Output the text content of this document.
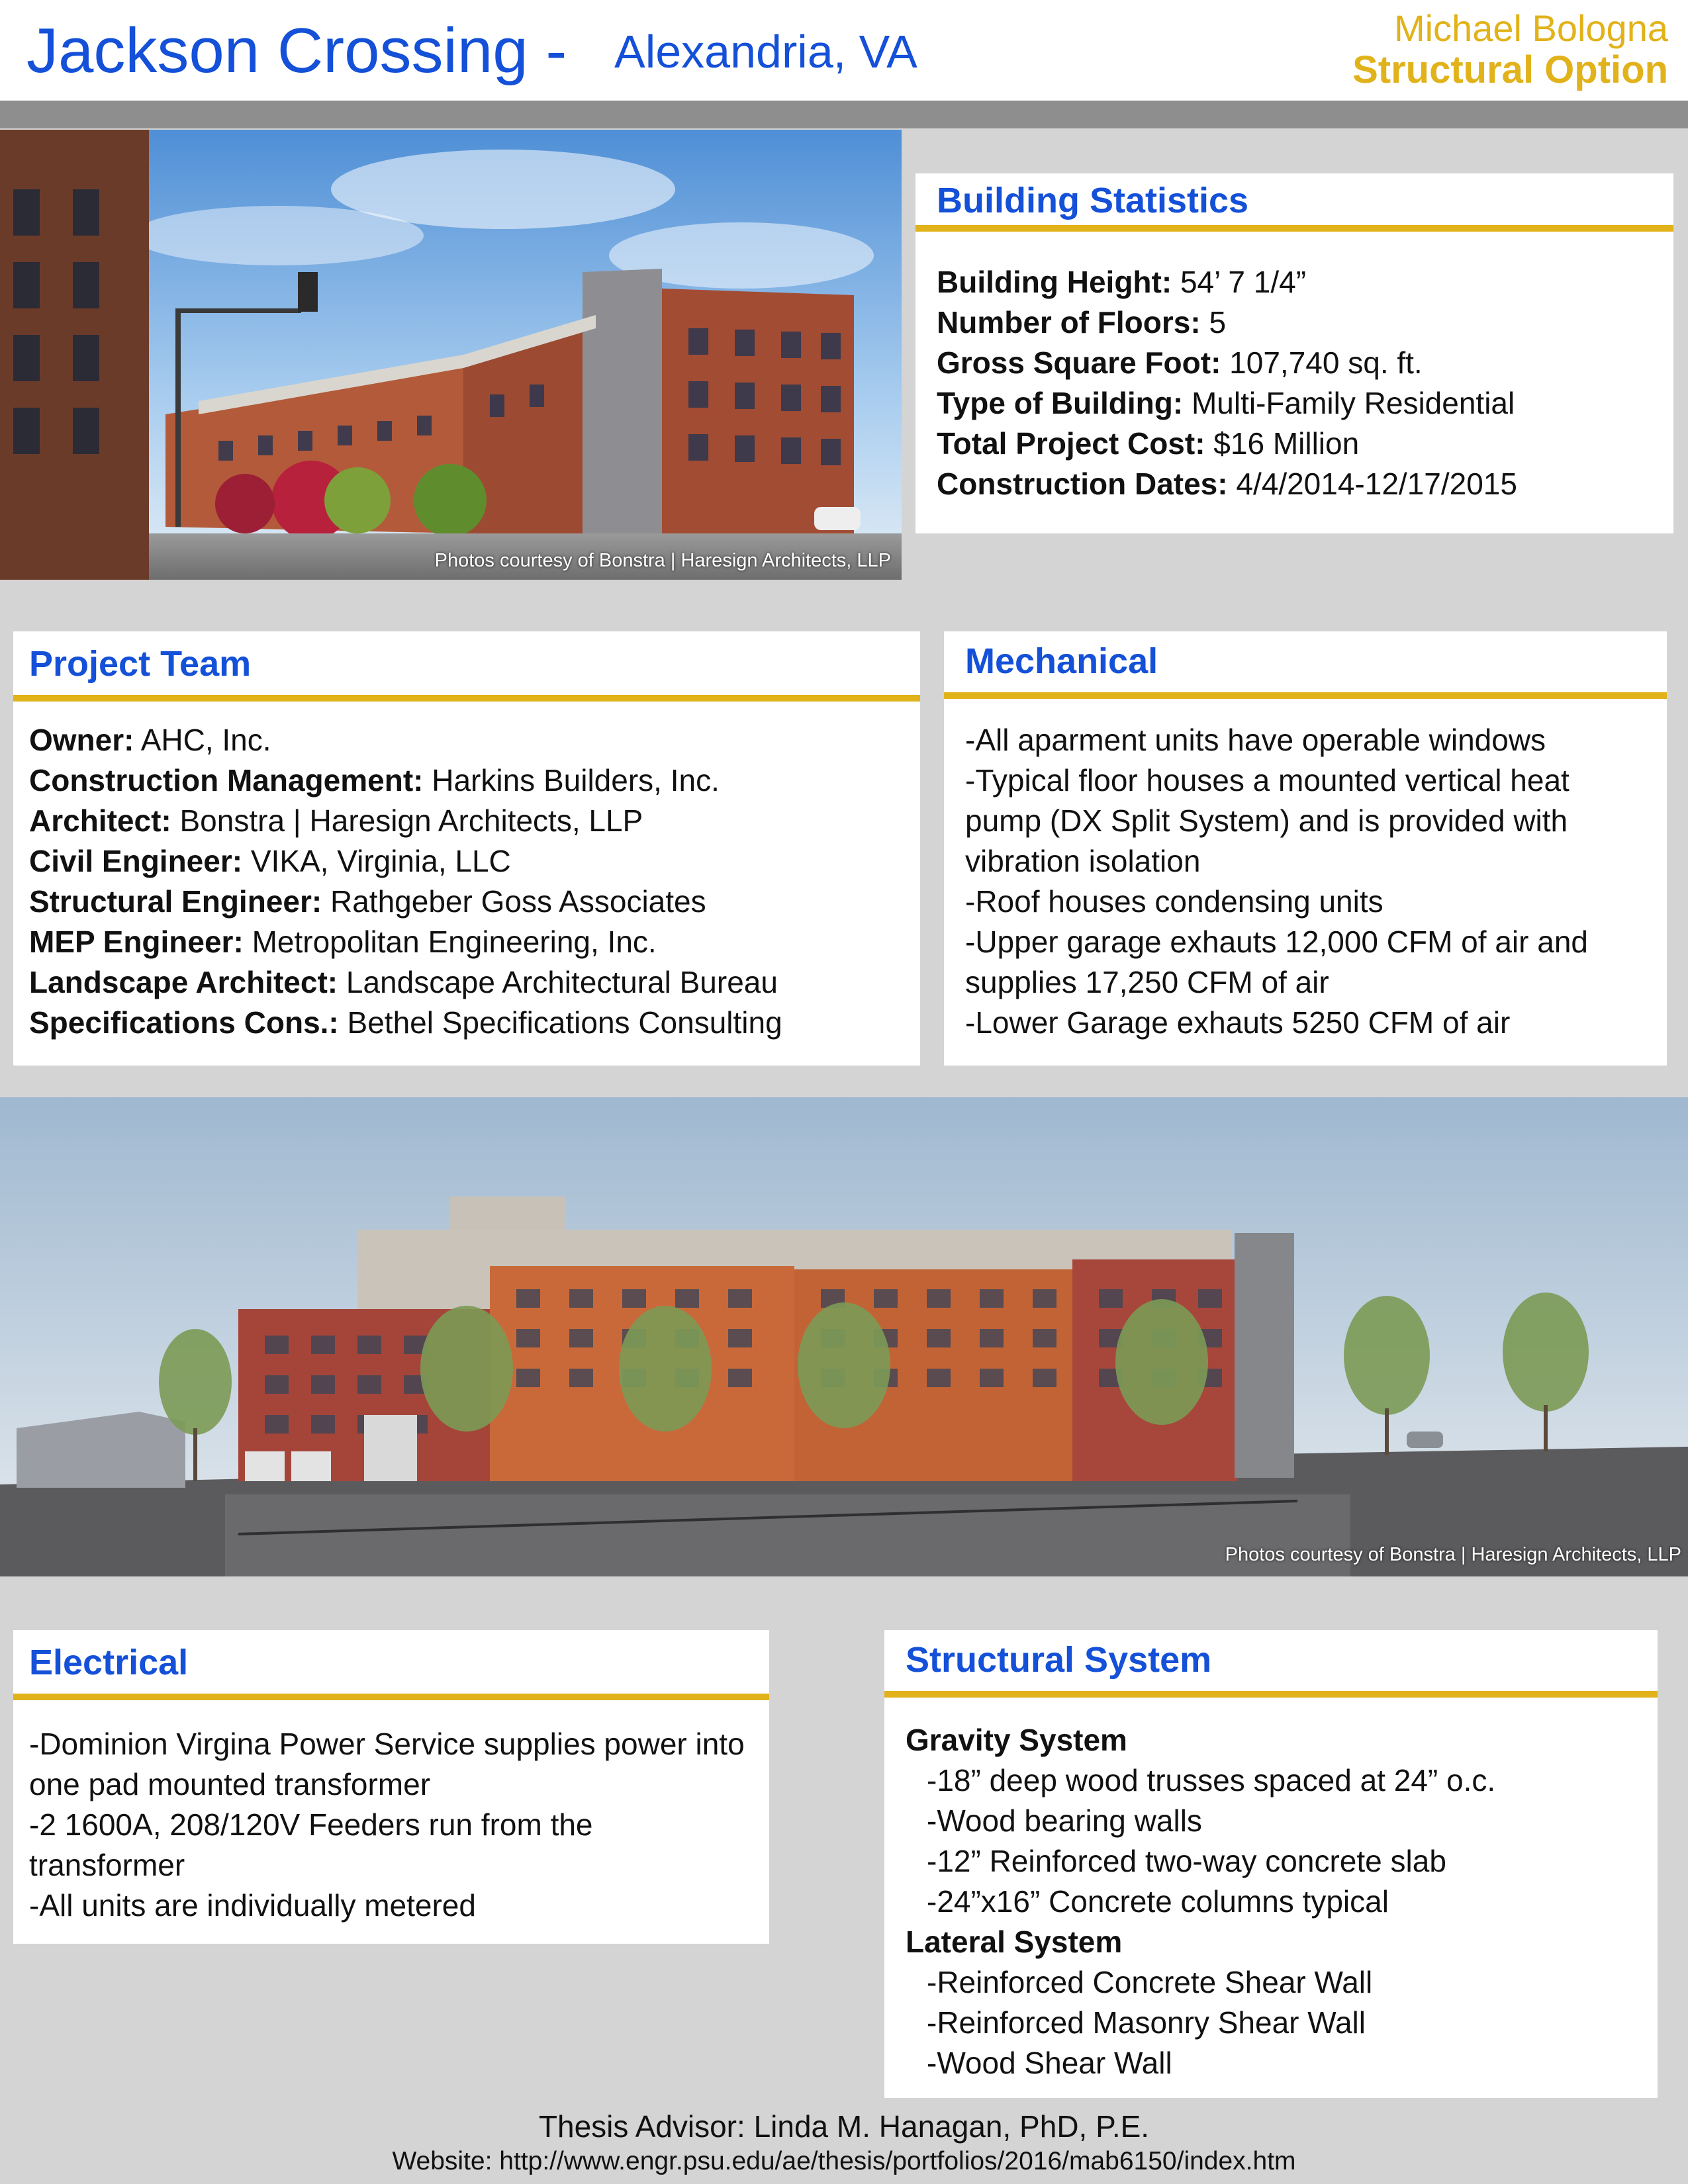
Jackson Crossing - Alexandria, VA	Michael Bologna
Structural Option
Photos courtesy of Bonstra | Haresign Architects, LLP
Building Statistics

Building Height: 54’ 7 1/4”

Number of Floors: 5

Gross Square Foot: 107,740 sq. ft.

Type of Building: Multi-Family Residential

Total Project Cost: $16 Million

Construction Dates: 4/4/2014-12/17/2015

Project Team

Owner: AHC, Inc.

Construction Management: Harkins Builders, Inc.

Architect: Bonstra | Haresign Architects, LLP

Civil Engineer: VIKA, Virginia, LLC

Structural Engineer: Rathgeber Goss Associates

MEP Engineer: Metropolitan Engineering, Inc.

Landscape Architect: Landscape Architectural Bureau

Specifications Cons.: Bethel Specifications Consulting

Mechanical

-All aparment units have operable windows

-Typical floor houses a mounted vertical heat pump (DX Split System) and is provided with vibration isolation

-Roof houses condensing units

-Upper garage exhauts 12,000 CFM of air and supplies 17,250 CFM of air

-Lower Garage exhauts 5250 CFM of air

Photos courtesy of Bonstra | Haresign Architects, LLP
Electrical

-Dominion Virgina Power Service supplies power into one pad mounted transformer

-2 1600A, 208/120V Feeders run from the transformer

-All units are individually metered

Structural System

Gravity System

-18” deep wood trusses spaced at 24” o.c.

-Wood bearing walls

-12” Reinforced two-way concrete slab

-24”x16” Concrete columns typical

Lateral System

-Reinforced Concrete Shear Wall

-Reinforced Masonry Shear Wall

-Wood Shear Wall

Thesis Advisor: Linda M. Hanagan, PhD, P.E.
Website: http://www.engr.psu.edu/ae/thesis/portfolios/2016/mab6150/index.htm
